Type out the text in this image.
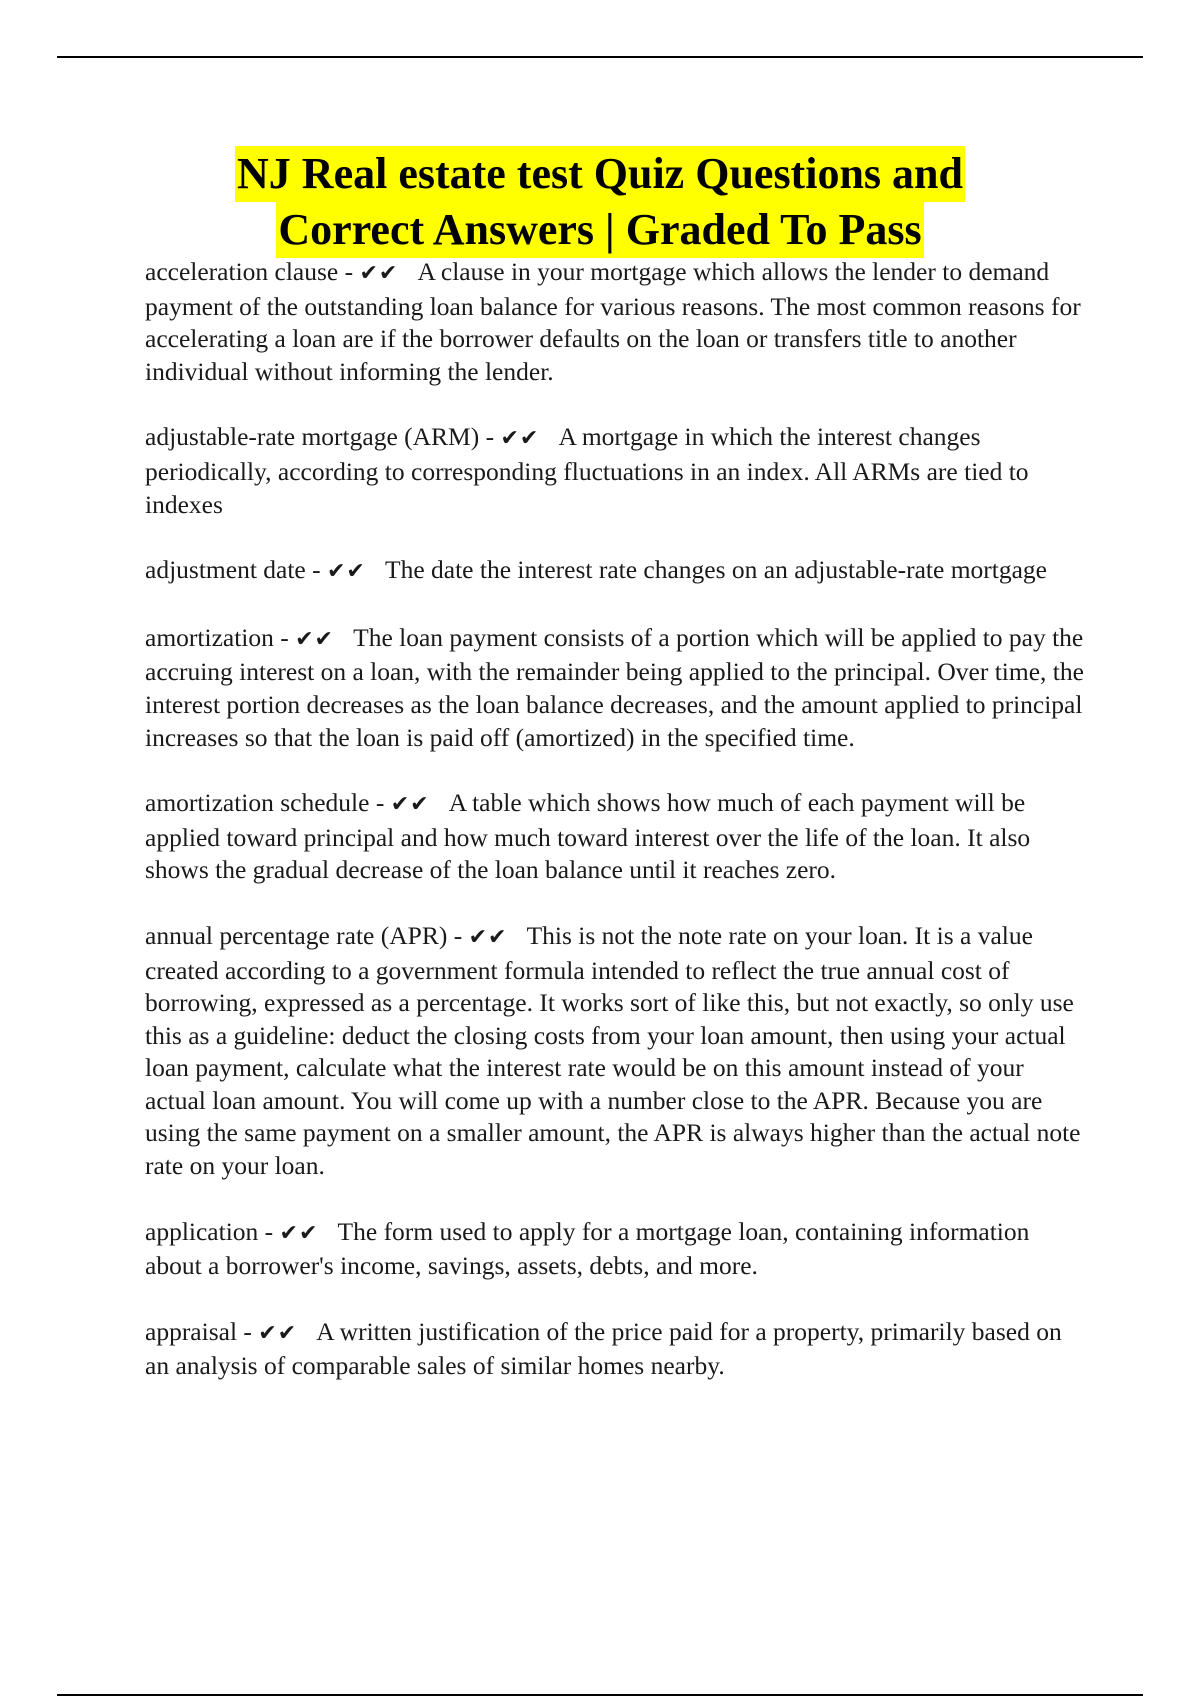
NJ Real estate test Quiz Questions and
Correct Answers | Graded To Pass

acceleration clause - ✔✔ A clause in your mortgage which allows the lender to demand payment of the outstanding loan balance for various reasons. The most common reasons for accelerating a loan are if the borrower defaults on the loan or transfers title to another individual without informing the lender.

adjustable-rate mortgage (ARM) - ✔✔ A mortgage in which the interest changes periodically, according to corresponding fluctuations in an index. All ARMs are tied to indexes

adjustment date - ✔✔ The date the interest rate changes on an adjustable-rate mortgage

amortization - ✔✔ The loan payment consists of a portion which will be applied to pay the accruing interest on a loan, with the remainder being applied to the principal. Over time, the interest portion decreases as the loan balance decreases, and the amount applied to principal increases so that the loan is paid off (amortized) in the specified time.

amortization schedule - ✔✔ A table which shows how much of each payment will be applied toward principal and how much toward interest over the life of the loan. It also shows the gradual decrease of the loan balance until it reaches zero.

annual percentage rate (APR) - ✔✔ This is not the note rate on your loan. It is a value created according to a government formula intended to reflect the true annual cost of borrowing, expressed as a percentage. It works sort of like this, but not exactly, so only use this as a guideline: deduct the closing costs from your loan amount, then using your actual loan payment, calculate what the interest rate would be on this amount instead of your actual loan amount. You will come up with a number close to the APR. Because you are using the same payment on a smaller amount, the APR is always higher than the actual note rate on your loan.

application - ✔✔ The form used to apply for a mortgage loan, containing information about a borrower's income, savings, assets, debts, and more.

appraisal - ✔✔ A written justification of the price paid for a property, primarily based on an analysis of comparable sales of similar homes nearby.
